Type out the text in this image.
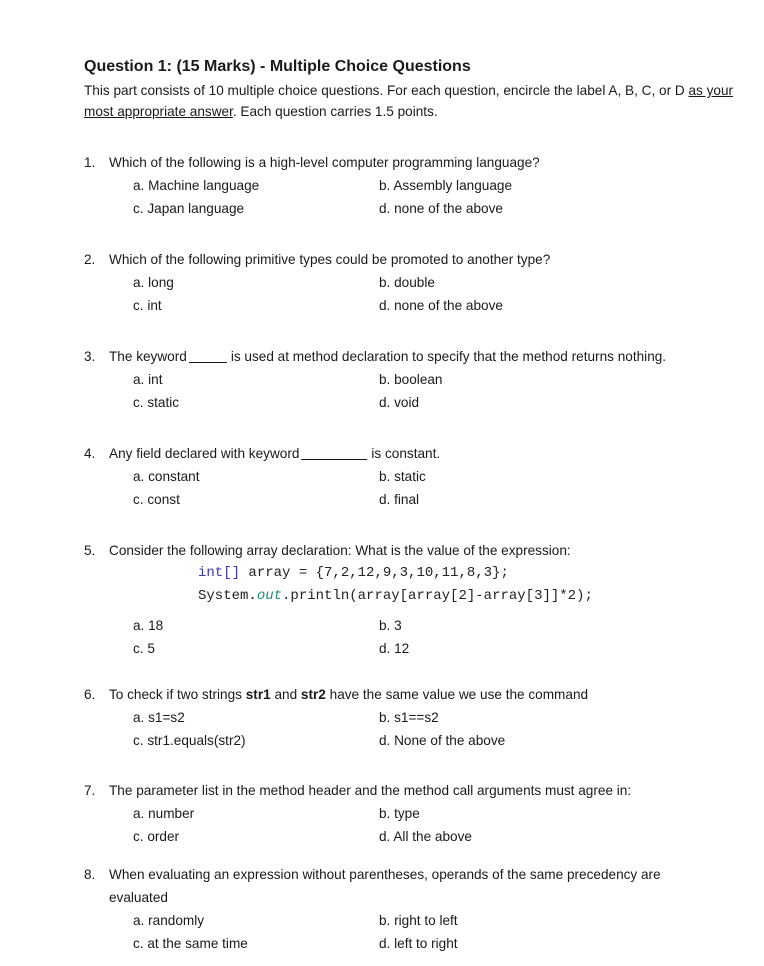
Question 1: (15 Marks) - Multiple Choice Questions
This part consists of 10 multiple choice questions. For each question, encircle the label A, B, C, or D as your most appropriate answer. Each question carries 1.5 points.
1.	Which of the following is a high-level computer programming language?
a. Machine language	b. Assembly language
c. Japan language	d. none of the above
2.	Which of the following primitive types could be promoted to another type?
a. long	b. double
c. int	d. none of the above
3.	The keyword	is used at method declaration to specify that the method returns nothing.
a. int	b. boolean
c. static	d. void
4.	Any field declared with keyword	is constant.
a. constant	b. static
c. const	d. final
5.	Consider the following array declaration: What is the value of the expression:
int[] array = {7,2,12,9,3,10,11,8,3};
System.out.println(array[array[2]-array[3]]*2);
a. 18	b. 3
c. 5	d. 12
6.	To check if two strings str1 and str2 have the same value we use the command
a. s1=s2	b. s1==s2
c. str1.equals(str2)	d. None of the above
7.	The parameter list in the method header and the method call arguments must agree in:
a. number	b. type
c. order	d. All the above
8.	When evaluating an expression without parentheses, operands of the same precedency are
evaluated
a. randomly	b. right to left
c. at the same time	d. left to right
